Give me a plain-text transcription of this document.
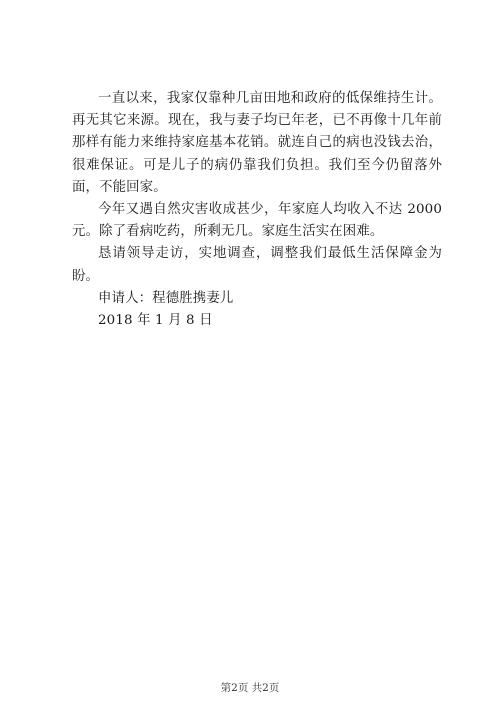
一直以来，我家仅靠种几亩田地和政府的低保维持生计。再无其它来源。现在，我与妻子均已年老，已不再像十几年前那样有能力来维持家庭基本花销。就连自己的病也没钱去治，很难保证。可是儿子的病仍靠我们负担。我们至今仍留落外面，不能回家。

今年又遇自然灾害收成甚少，年家庭人均收入不达 2000 元。除了看病吃药，所剩无几。家庭生活实在困难。

恳请领导走访，实地调查，调整我们最低生活保障金为盼。

申请人：程德胜携妻儿

2018 年 1 月 8 日

第2页 共2页
